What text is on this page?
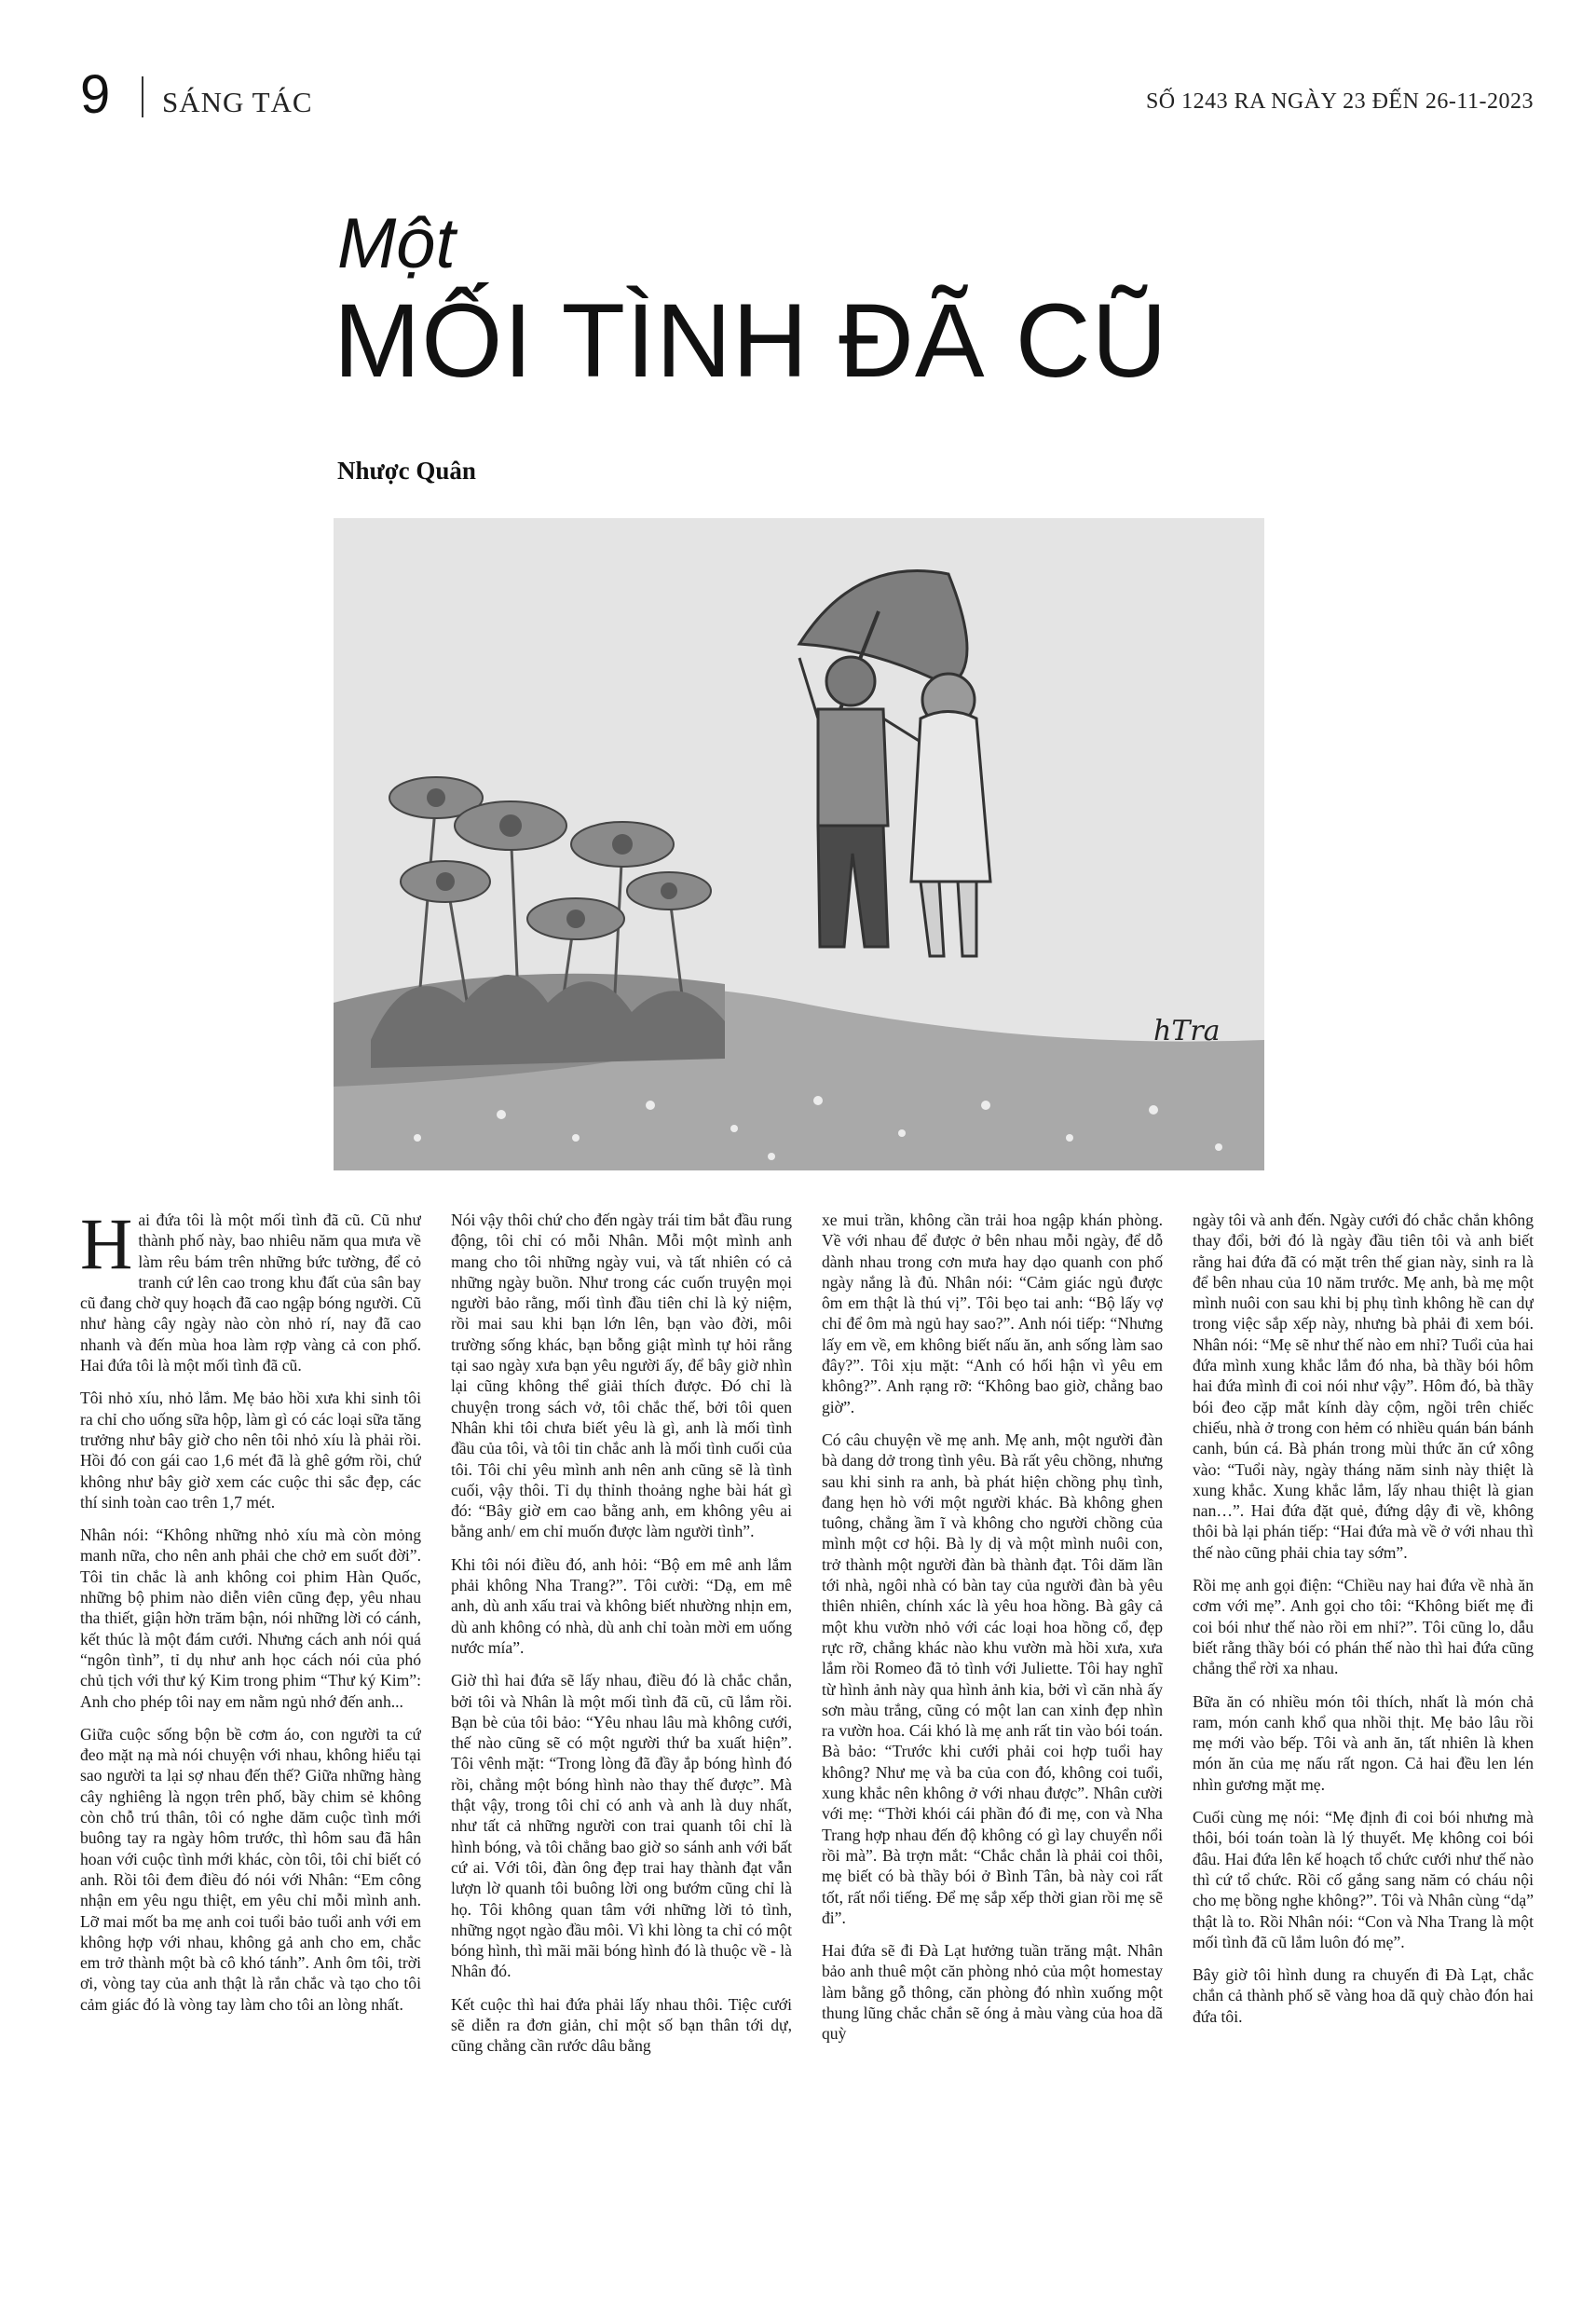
9 SÁNG TÁC	SỐ 1243 RA NGÀY 23 ĐẾN 26-11-2023
Một
MỐI TÌNH ĐÃ CŨ
Nhược Quân
hTra

Hai đứa tôi là một mối tình đã cũ. Cũ như thành phố này, bao nhiêu năm qua mưa về làm rêu bám trên những bức tường, để cỏ tranh cứ lên cao trong khu đất của sân bay cũ đang chờ quy hoạch đã cao ngập bóng người. Cũ như hàng cây ngày nào còn nhỏ rí, nay đã cao nhanh và đến mùa hoa làm rợp vàng cả con phố. Hai đứa tôi là một mối tình đã cũ.

Tôi nhỏ xíu, nhỏ lắm. Mẹ bảo hồi xưa khi sinh tôi ra chỉ cho uống sữa hộp, làm gì có các loại sữa tăng trưởng như bây giờ cho nên tôi nhỏ xíu là phải rồi. Hồi đó con gái cao 1,6 mét đã là ghê gớm rồi, chứ không như bây giờ xem các cuộc thi sắc đẹp, các thí sinh toàn cao trên 1,7 mét.

Nhân nói: “Không những nhỏ xíu mà còn mỏng manh nữa, cho nên anh phải che chở em suốt đời”. Tôi tin chắc là anh không coi phim Hàn Quốc, những bộ phim nào diễn viên cũng đẹp, yêu nhau tha thiết, giận hờn trăm bận, nói những lời có cánh, kết thúc là một đám cưới. Nhưng cách anh nói quá “ngôn tình”, tỉ dụ như anh học cách nói của phó chủ tịch với thư ký Kim trong phim “Thư ký Kim”: Anh cho phép tôi nay em nằm ngủ nhớ đến anh...

Giữa cuộc sống bộn bề cơm áo, con người ta cứ đeo mặt nạ mà nói chuyện với nhau, không hiểu tại sao người ta lại sợ nhau đến thế? Giữa những hàng cây nghiêng là ngọn trên phố, bầy chim sẻ không còn chỗ trú thân, tôi có nghe dăm cuộc tình mới buông tay ra ngày hôm trước, thì hôm sau đã hân hoan với cuộc tình mới khác, còn tôi, tôi chỉ biết có anh. Rồi tôi đem điều đó nói với Nhân: “Em công nhận em yêu ngu thiệt, em yêu chỉ mỗi mình anh. Lỡ mai mốt ba mẹ anh coi tuổi bảo tuổi anh với em không hợp với nhau, không gả anh cho em, chắc em trở thành một bà cô khó tánh”. Anh ôm tôi, trời ơi, vòng tay của anh thật là rắn chắc và tạo cho tôi cảm giác đó là vòng tay làm cho tôi an lòng nhất.

Nói vậy thôi chứ cho đến ngày trái tim bắt đầu rung động, tôi chỉ có mỗi Nhân. Mỗi một mình anh mang cho tôi những ngày vui, và tất nhiên có cả những ngày buồn. Như trong các cuốn truyện mọi người bảo rằng, mối tình đầu tiên chỉ là kỷ niệm, rồi mai sau khi bạn lớn lên, bạn vào đời, môi trường sống khác, bạn bỗng giật mình tự hỏi rằng tại sao ngày xưa bạn yêu người ấy, để bây giờ nhìn lại cũng không thể giải thích được. Đó chỉ là chuyện trong sách vở, tôi chắc thế, bởi tôi quen Nhân khi tôi chưa biết yêu là gì, anh là mối tình đầu của tôi, và tôi tin chắc anh là mối tình cuối của tôi. Tôi chỉ yêu mình anh nên anh cũng sẽ là tình cuối, vậy thôi. Tỉ dụ thỉnh thoảng nghe bài hát gì đó: “Bây giờ em cao bằng anh, em không yêu ai bằng anh/ em chỉ muốn được làm người tình”.

Khi tôi nói điều đó, anh hỏi: “Bộ em mê anh lắm phải không Nha Trang?”. Tôi cười: “Dạ, em mê anh, dù anh xấu trai và không biết nhường nhịn em, dù anh không có nhà, dù anh chỉ toàn mời em uống nước mía”.

Giờ thì hai đứa sẽ lấy nhau, điều đó là chắc chắn, bởi tôi và Nhân là một mối tình đã cũ, cũ lắm rồi. Bạn bè của tôi bảo: “Yêu nhau lâu mà không cưới, thế nào cũng sẽ có một người thứ ba xuất hiện”. Tôi vênh mặt: “Trong lòng đã đầy ắp bóng hình đó rồi, chẳng một bóng hình nào thay thế được”. Mà thật vậy, trong tôi chỉ có anh và anh là duy nhất, như tất cả những người con trai quanh tôi chỉ là hình bóng, và tôi chẳng bao giờ so sánh anh với bất cứ ai. Với tôi, đàn ông đẹp trai hay thành đạt vẫn lượn lờ quanh tôi buông lời ong bướm cũng chỉ là họ. Tôi không quan tâm với những lời tỏ tình, những ngọt ngào đầu môi. Vì khi lòng ta chỉ có một bóng hình, thì mãi mãi bóng hình đó là thuộc về - là Nhân đó.

Kết cuộc thì hai đứa phải lấy nhau thôi. Tiệc cưới sẽ diễn ra đơn giản, chỉ một số bạn thân tới dự, cũng chẳng cần rước dâu bằng

xe mui trần, không cần trải hoa ngập khán phòng. Về với nhau để được ở bên nhau mỗi ngày, để dỗ dành nhau trong cơn mưa hay dạo quanh con phố ngày nắng là đủ. Nhân nói: “Cảm giác ngủ được ôm em thật là thú vị”. Tôi bẹo tai anh: “Bộ lấy vợ chỉ để ôm mà ngủ hay sao?”. Anh nói tiếp: “Nhưng lấy em về, em không biết nấu ăn, anh sống làm sao đây?”. Tôi xịu mặt: “Anh có hối hận vì yêu em không?”. Anh rạng rỡ: “Không bao giờ, chẳng bao giờ”.

Có câu chuyện về mẹ anh. Mẹ anh, một người đàn bà dang dở trong tình yêu. Bà rất yêu chồng, nhưng sau khi sinh ra anh, bà phát hiện chồng phụ tình, đang hẹn hò với một người khác. Bà không ghen tuông, chẳng ầm ĩ và không cho người chồng của mình một cơ hội. Bà ly dị và một mình nuôi con, trở thành một người đàn bà thành đạt. Tôi dăm lần tới nhà, ngôi nhà có bàn tay của người đàn bà yêu thiên nhiên, chính xác là yêu hoa hồng. Bà gây cả một khu vườn nhỏ với các loại hoa hồng cổ, đẹp rực rỡ, chẳng khác nào khu vườn mà hồi xưa, xưa lắm rồi Romeo đã tỏ tình với Juliette. Tôi hay nghĩ từ hình ảnh này qua hình ảnh kia, bởi vì căn nhà ấy sơn màu trắng, cũng có một lan can xinh đẹp nhìn ra vườn hoa. Cái khó là mẹ anh rất tin vào bói toán. Bà bảo: “Trước khi cưới phải coi hợp tuổi hay không? Như mẹ và ba của con đó, không coi tuổi, xung khắc nên không ở với nhau được”. Nhân cười với mẹ: “Thời khói cái phần đó đi mẹ, con và Nha Trang hợp nhau đến độ không có gì lay chuyển nổi rồi mà”. Bà trợn mắt: “Chắc chắn là phải coi thôi, mẹ biết có bà thầy bói ở Bình Tân, bà này coi rất tốt, rất nổi tiếng. Để mẹ sắp xếp thời gian rồi mẹ sẽ đi”.

Hai đứa sẽ đi Đà Lạt hưởng tuần trăng mật. Nhân bảo anh thuê một căn phòng nhỏ của một homestay làm bằng gỗ thông, căn phòng đó nhìn xuống một thung lũng chắc chắn sẽ óng ả màu vàng của hoa dã quỳ

ngày tôi và anh đến. Ngày cưới đó chắc chắn không thay đổi, bởi đó là ngày đầu tiên tôi và anh biết rằng hai đứa đã có mặt trên thế gian này, sinh ra là để bên nhau của 10 năm trước. Mẹ anh, bà mẹ một mình nuôi con sau khi bị phụ tình không hề can dự trong việc sắp xếp này, nhưng bà phải đi xem bói. Nhân nói: “Mẹ sẽ như thế nào em nhỉ? Tuổi của hai đứa mình xung khắc lắm đó nha, bà thầy bói hôm hai đứa mình đi coi nói như vậy”. Hôm đó, bà thầy bói đeo cặp mắt kính dày cộm, ngồi trên chiếc chiếu, nhà ở trong con hẻm có nhiều quán bán bánh canh, bún cá. Bà phán trong mùi thức ăn cứ xông vào: “Tuổi này, ngày tháng năm sinh này thiệt là xung khắc. Xung khắc lắm, lấy nhau thiệt là gian nan…”. Hai đứa đặt quẻ, đứng dậy đi về, không thôi bà lại phán tiếp: “Hai đứa mà về ở với nhau thì thế nào cũng phải chia tay sớm”.

Rồi mẹ anh gọi điện: “Chiều nay hai đứa về nhà ăn cơm với mẹ”. Anh gọi cho tôi: “Không biết mẹ đi coi bói như thế nào rồi em nhỉ?”. Tôi cũng lo, dẫu biết rằng thầy bói có phán thế nào thì hai đứa cũng chẳng thể rời xa nhau.

Bữa ăn có nhiều món tôi thích, nhất là món chả ram, món canh khổ qua nhồi thịt. Mẹ bảo lâu rồi mẹ mới vào bếp. Tôi và anh ăn, tất nhiên là khen món ăn của mẹ nấu rất ngon. Cả hai đều len lén nhìn gương mặt mẹ.

Cuối cùng mẹ nói: “Mẹ định đi coi bói nhưng mà thôi, bói toán toàn là lý thuyết. Mẹ không coi bói đâu. Hai đứa lên kế hoạch tổ chức cưới như thế nào thì cứ tổ chức. Rồi cố gắng sang năm có cháu nội cho mẹ bồng nghe không?”. Tôi và Nhân cùng “dạ” thật là to. Rồi Nhân nói: “Con và Nha Trang là một mối tình đã cũ lắm luôn đó mẹ”.

Bây giờ tôi hình dung ra chuyến đi Đà Lạt, chắc chắn cả thành phố sẽ vàng hoa dã quỳ chào đón hai đứa tôi.
